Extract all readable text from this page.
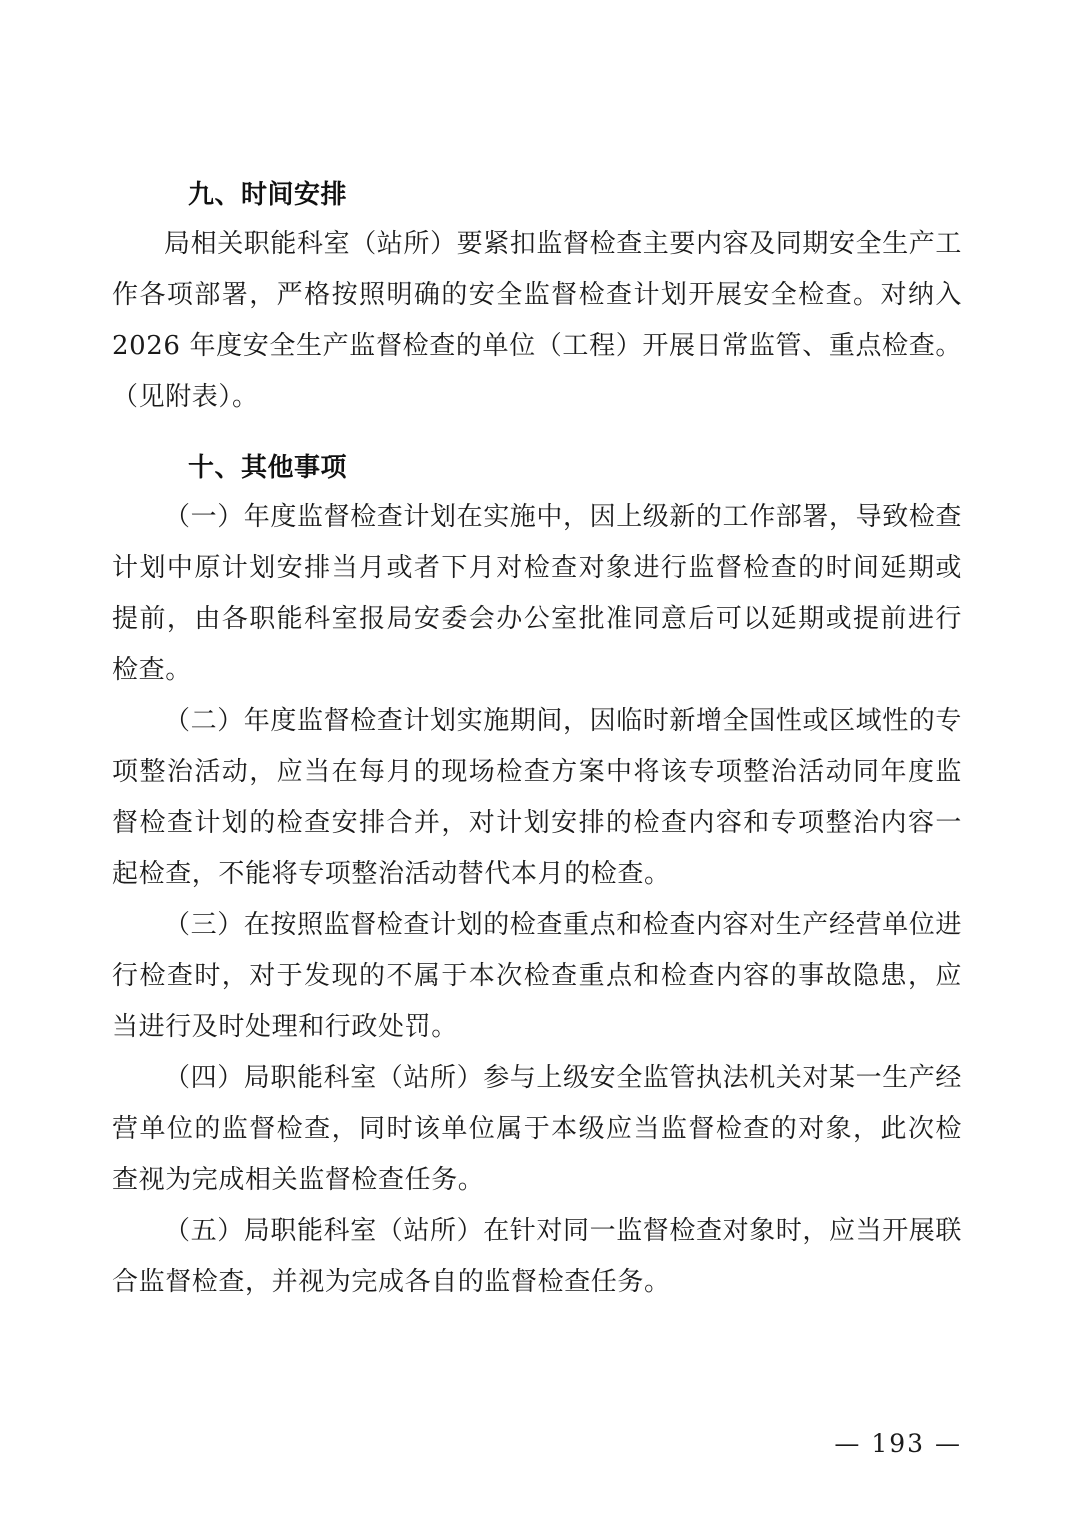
九、时间安排

局相关职能科室（站所）要紧扣监督检查主要内容及同期安全生产工作各项部署，严格按照明确的安全监督检查计划开展安全检查。对纳入 2026 年度安全生产监督检查的单位（工程）开展日常监管、重点检查。（见附表）。

十、其他事项

（一）年度监督检查计划在实施中，因上级新的工作部署，导致检查计划中原计划安排当月或者下月对检查对象进行监督检查的时间延期或提前，由各职能科室报局安委会办公室批准同意后可以延期或提前进行检查。

（二）年度监督检查计划实施期间，因临时新增全国性或区域性的专项整治活动，应当在每月的现场检查方案中将该专项整治活动同年度监督检查计划的检查安排合并，对计划安排的检查内容和专项整治内容一起检查，不能将专项整治活动替代本月的检查。

（三）在按照监督检查计划的检查重点和检查内容对生产经营单位进行检查时，对于发现的不属于本次检查重点和检查内容的事故隐患，应当进行及时处理和行政处罚。

（四）局职能科室（站所）参与上级安全监管执法机关对某一生产经营单位的监督检查，同时该单位属于本级应当监督检查的对象，此次检查视为完成相关监督检查任务。

（五）局职能科室（站所）在针对同一监督检查对象时，应当开展联合监督检查，并视为完成各自的监督检查任务。

— 193 —
